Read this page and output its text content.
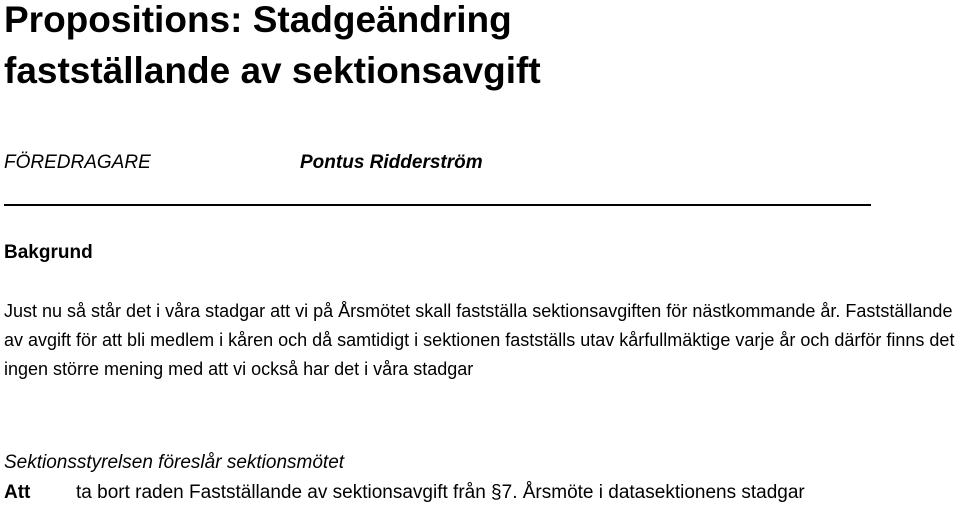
Propositions: Stadgeändring
fastställande av sektionsavgift
FÖREDRAGARE	Pontus Ridderström
Bakgrund

Just nu så står det i våra stadgar att vi på Årsmötet skall fastställa sektionsavgiften för nästkommande år. Fastställande av avgift för att bli medlem i kåren och då samtidigt i sektionen fastställs utav kårfullmäktige varje år och därför finns det ingen större mening med att vi också har det i våra stadgar

Sektionsstyrelsen föreslår sektionsmötet
Att ta bort raden Fastställande av sektionsavgift från §7. Årsmöte i datasektionens stadgar
